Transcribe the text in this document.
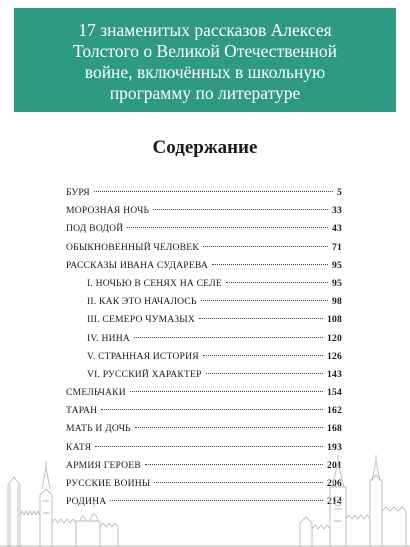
17 знаменитых рассказов Алексея
Толстого о Великой Отечественной
войне, включённых в школьную
программу по литературе
Содержание
БУРЯ	5
МОРОЗНАЯ НОЧЬ	33
ПОД ВОДОЙ	43
ОБЫКНОВЕННЫЙ ЧЕЛОВЕК	71
РАССКАЗЫ ИВАНА СУДАРЕВА	95
I. НОЧЬЮ В СЕНЯХ НА СЕЛЕ	95
II. КАК ЭТО НАЧАЛОСЬ	98
III. СЕМЕРО ЧУМАЗЫХ	108
IV. НИНА	120
V. СТРАННАЯ ИСТОРИЯ	126
VI. РУССКИЙ ХАРАКТЕР	143
СМЕЛЬЧАКИ	154
ТАРАН	162
МАТЬ И ДОЧЬ	168
КАТЯ	193
АРМИЯ ГЕРОЕВ	201
РУССКИЕ ВОИНЫ	206
РОДИНА	214
